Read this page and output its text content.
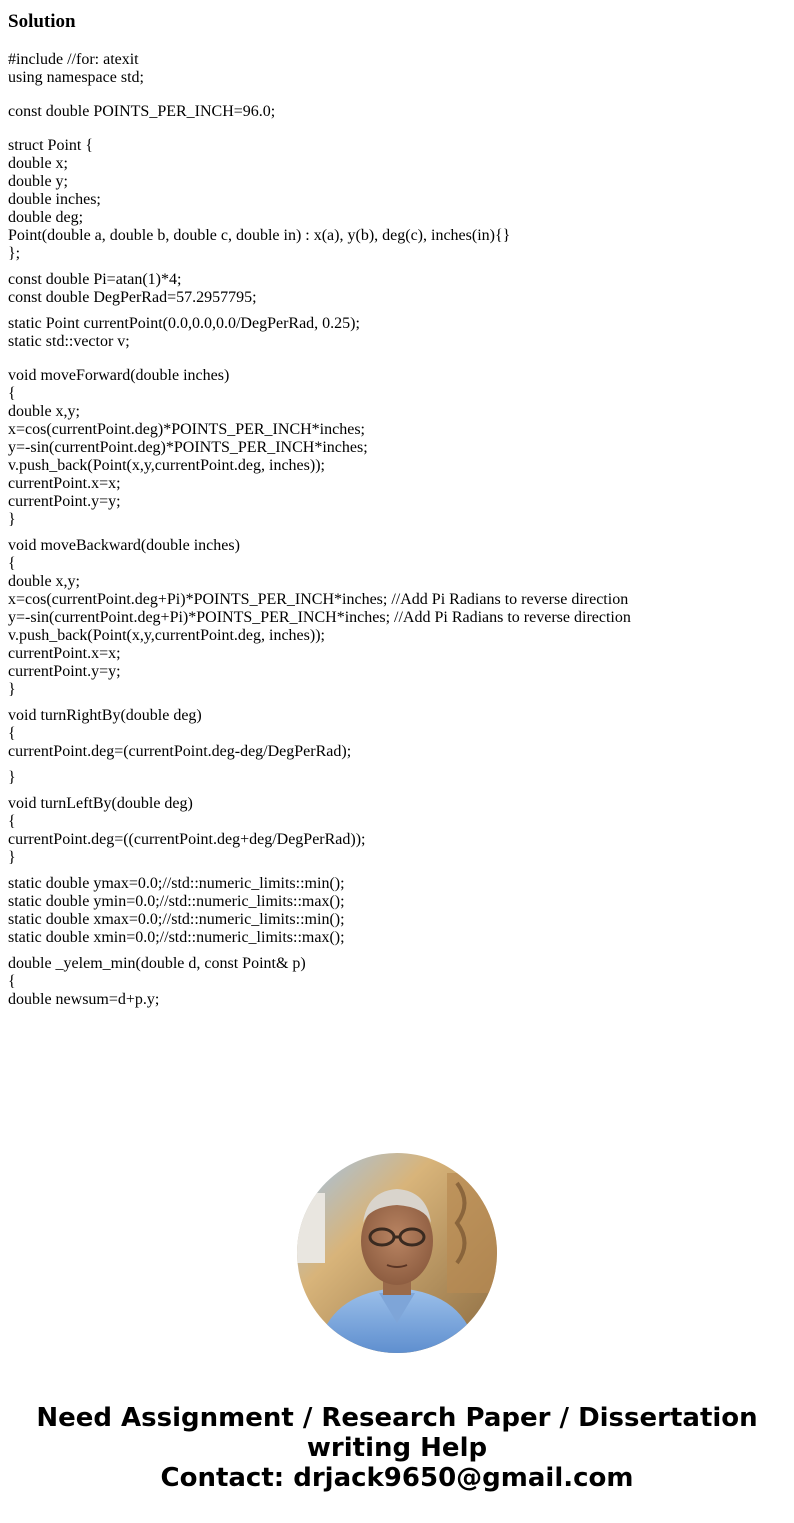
Solution
#include //for: atexit
using namespace std;
const double POINTS_PER_INCH=96.0;
struct Point {
double x;
double y;
double inches;
double deg;
Point(double a, double b, double c, double in) : x(a), y(b), deg(c), inches(in){}
};
const double Pi=atan(1)*4;
const double DegPerRad=57.2957795;
static Point currentPoint(0.0,0.0,0.0/DegPerRad, 0.25);
static std::vector v;
void moveForward(double inches)
{
double x,y;
x=cos(currentPoint.deg)*POINTS_PER_INCH*inches;
y=-sin(currentPoint.deg)*POINTS_PER_INCH*inches;
v.push_back(Point(x,y,currentPoint.deg, inches));
currentPoint.x=x;
currentPoint.y=y;
}
void moveBackward(double inches)
{
double x,y;
x=cos(currentPoint.deg+Pi)*POINTS_PER_INCH*inches; //Add Pi Radians to reverse direction
y=-sin(currentPoint.deg+Pi)*POINTS_PER_INCH*inches; //Add Pi Radians to reverse direction
v.push_back(Point(x,y,currentPoint.deg, inches));
currentPoint.x=x;
currentPoint.y=y;
}
void turnRightBy(double deg)
{
currentPoint.deg=(currentPoint.deg-deg/DegPerRad);
}
void turnLeftBy(double deg)
{
currentPoint.deg=((currentPoint.deg+deg/DegPerRad));
}
static double ymax=0.0;//std::numeric_limits::min();
static double ymin=0.0;//std::numeric_limits::max();
static double xmax=0.0;//std::numeric_limits::min();
static double xmin=0.0;//std::numeric_limits::max();
double _yelem_min(double d, const Point& p)
{
double newsum=d+p.y;
Need Assignment / Research Paper / Dissertation
writing Help
Contact: drjack9650@gmail.com
